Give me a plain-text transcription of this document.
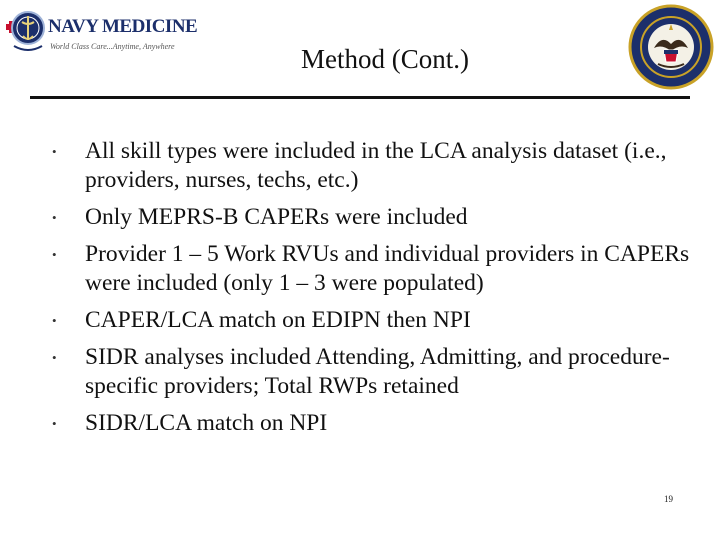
NAVY MEDICINE
World Class Care...Anytime, Anywhere	Method (Cont.)
• All skill types were included in the LCA analysis dataset (i.e., providers, nurses, techs, etc.)
• Only MEPRS-B CAPERs were included
• Provider 1 – 5 Work RVUs and individual providers in CAPERs were included (only 1 – 3 were populated)
• CAPER/LCA match on EDIPN then NPI
• SIDR analyses included Attending, Admitting, and procedure-specific providers; Total RWPs retained
• SIDR/LCA match on NPI
19
